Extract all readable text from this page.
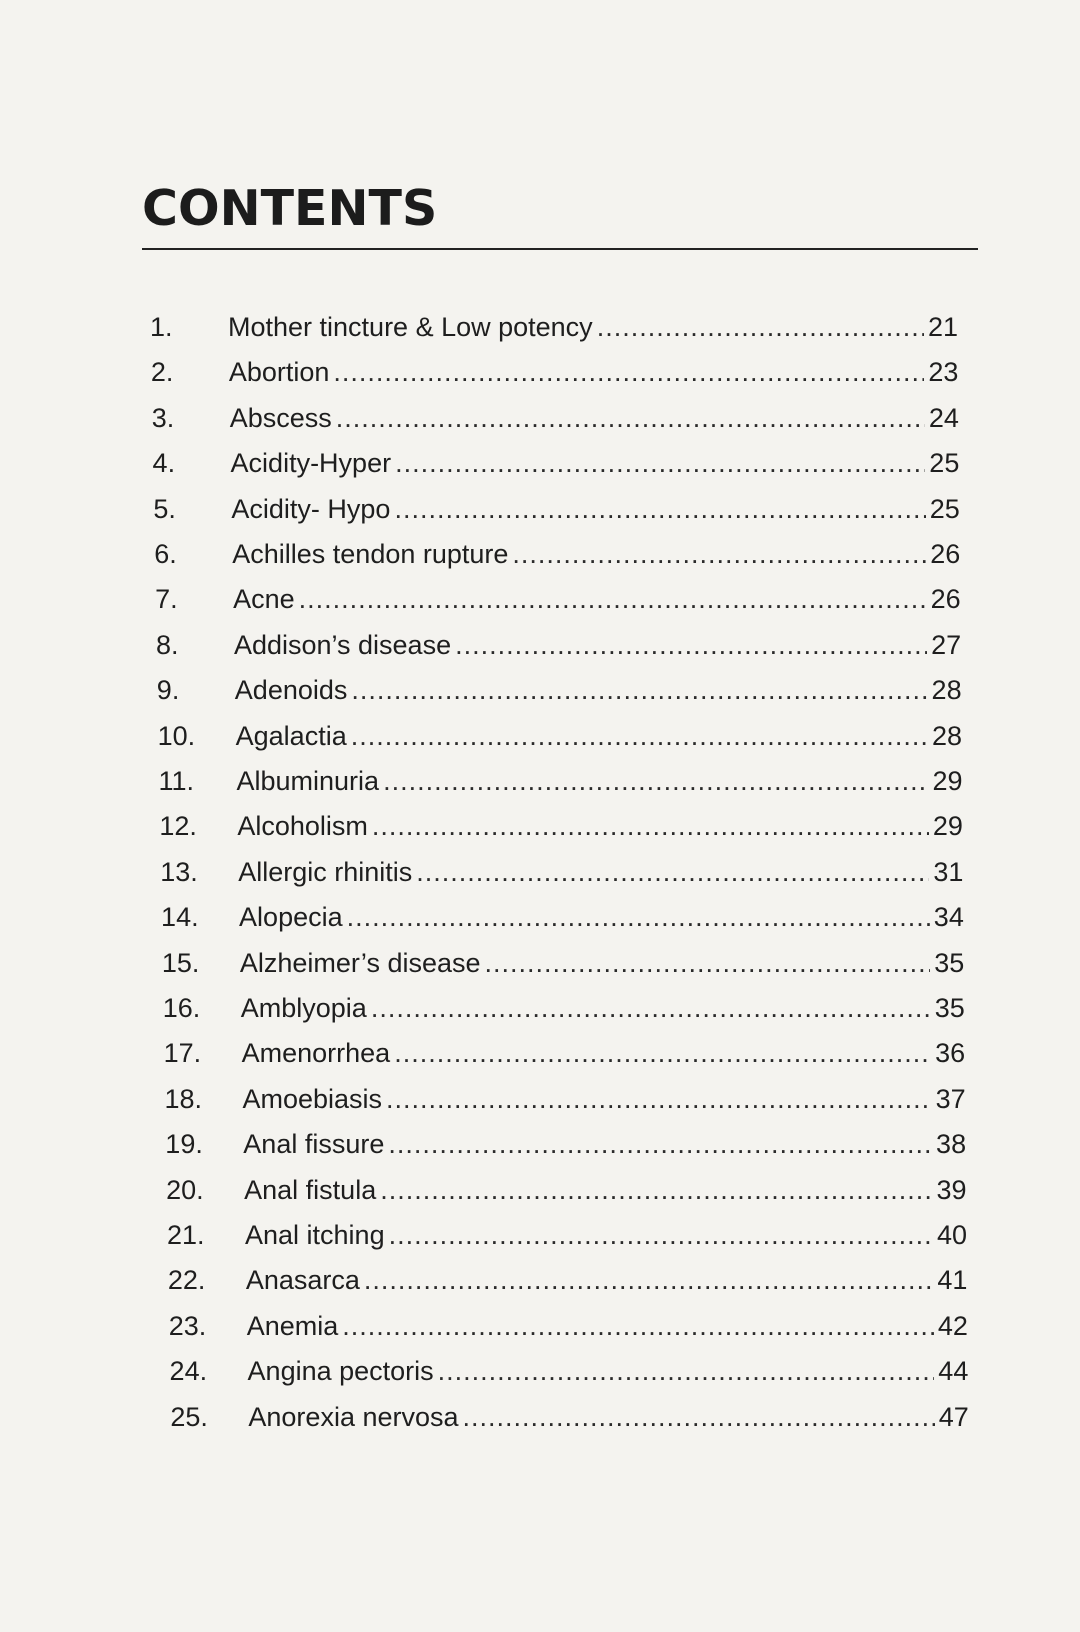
CONTENTS
1.	Mother tincture & Low potency .....	21
2.	Abortion .....	23
3.	Abscess .....	24
4.	Acidity-Hyper .....	25
5.	Acidity- Hypo .....	25
6.	Achilles tendon rupture .....	26
7.	Acne .....	26
8.	Addison’s disease .....	27
9.	Adenoids .....	28
10.	Agalactia .....	28
11.	Albuminuria .....	29
12.	Alcoholism .....	29
13.	Allergic rhinitis .....	31
14.	Alopecia .....	34
15.	Alzheimer’s disease .....	35
16.	Amblyopia .....	35
17.	Amenorrhea .....	36
18.	Amoebiasis .....	37
19.	Anal fissure .....	38
20.	Anal fistula .....	39
21.	Anal itching .....	40
22.	Anasarca .....	41
23.	Anemia .....	42
24.	Angina pectoris .....	44
25.	Anorexia nervosa .....	47
